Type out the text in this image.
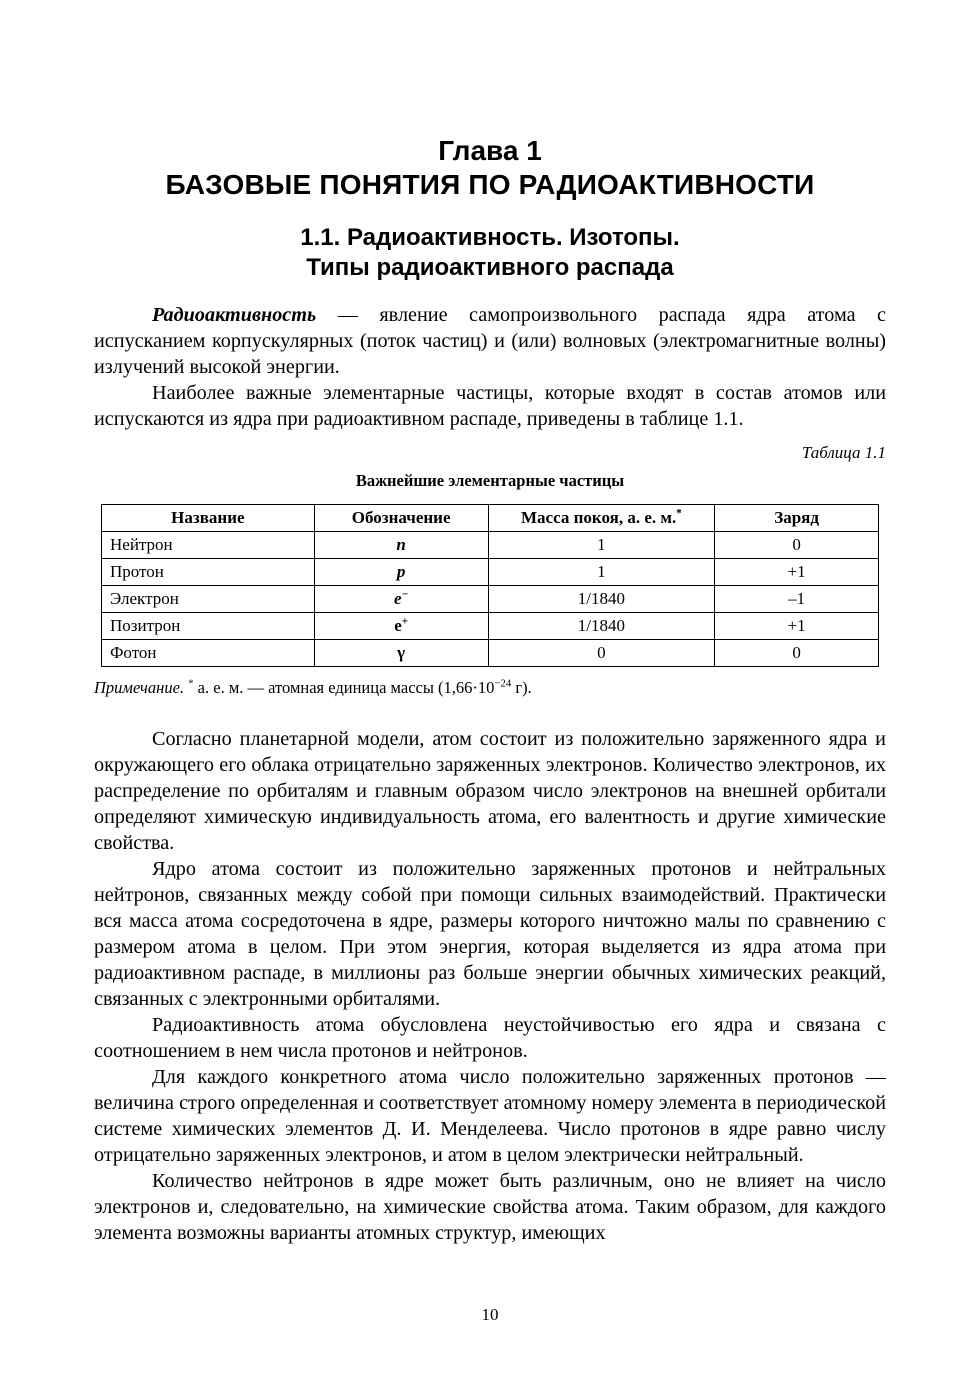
Глава 1
БАЗОВЫЕ ПОНЯТИЯ ПО РАДИОАКТИВНОСТИ
1.1. Радиоактивность. Изотопы.
Типы радиоактивного распада

Радиоактивность — явление самопроизвольного распада ядра атома с испусканием корпускулярных (поток частиц) и (или) волновых (электромагнитные волны) излучений высокой энергии.

Наиболее важные элементарные частицы, которые входят в состав атомов или испускаются из ядра при радиоактивном распаде, приведены в таблице 1.1.

Таблица 1.1
Важнейшие элементарные частицы
Название	Обозначение	Масса покоя, а. е. м.*	Заряд
Нейтрон	n	1	0
Протон	p	1	+1
Электрон	e−	1/1840	–1
Позитрон	e+	1/1840	+1
Фотон	γ	0	0
Примечание. * а. е. м. — атомная единица массы ($1,66\cdot 10^{-24}$ г).

Согласно планетарной модели, атом состоит из положительно заряженного ядра и окружающего его облака отрицательно заряженных электронов. Количество электронов, их распределение по орбиталям и главным образом число электронов на внешней орбитали определяют химическую индивидуальность атома, его валентность и другие химические свойства.

Ядро атома состоит из положительно заряженных протонов и нейтральных нейтронов, связанных между собой при помощи сильных взаимодействий. Практически вся масса атома сосредоточена в ядре, размеры которого ничтожно малы по сравнению с размером атома в целом. При этом энергия, которая выделяется из ядра атома при радиоактивном распаде, в миллионы раз больше энергии обычных химических реакций, связанных с электронными орбиталями.

Радиоактивность атома обусловлена неустойчивостью его ядра и связана с соотношением в нем числа протонов и нейтронов.

Для каждого конкретного атома число положительно заряженных протонов — величина строго определенная и соответствует атомному номеру элемента в периодической системе химических элементов Д. И. Менделеева. Число протонов в ядре равно числу отрицательно заряженных электронов, и атом в целом электрически нейтральный.

Количество нейтронов в ядре может быть различным, оно не влияет на число электронов и, следовательно, на химические свойства атома. Таким образом, для каждого элемента возможны варианты атомных структур, имеющих

10
